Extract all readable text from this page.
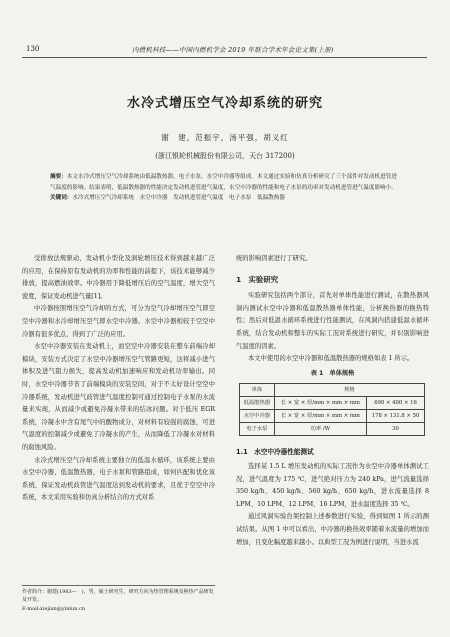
130	内燃机科技——中国内燃机学会 2019 年联合学术年会论文集(上册)
水冷式增压空气冷却系统的研究
谢　建，范振宇，汤平强，胡义红
(浙江银轮机械股份有限公司，天台 317200)
摘要：本文水冷式增压空气冷却系统由低温散热器，电子水泵，水空中冷器等组成。本文通过实验和仿真分析研究了三个部件对发动机进管进气温度的影响。结果表明，低温散热器的性能决定发动机进管进气温度，水空中冷器的性能和电子水泵的功率对发动机进管进气温度影响小。
关键词：水冷式增压空气冷却系统　水空中冷器　发动机进管进气温度　电子水泵　低温散热器

受排放法规驱动，发动机小型化及涡轮增压技术得到越来越广泛的应用，在保持原有发动机的功率和性能的前提下，该技术能够减少排放，提高燃油效率。中冷器用于降低增压后的空气温度，增大空气密度，保证发动机进气量[1]。

中冷器按照增压空气冷却的方式，可分为空气冷却增压空气即空空中冷器和水冷却增压空气即水空中冷器。水空中冷器相较于空空中冷器有很多优点，得到了广泛的应用。

水空中冷器安装在发动机上，而空空中冷器安装在整车前端冷却模块，安装方式决定了水空中冷器增压空气管路更短，这将减小进气体积及进气阻力损失，提高发动机加速响应和发动机功率输出。同时，水空中冷器节省了前端模块的安装空间，对于不太好设计空空中冷器系统，发动机进气歧管进气温度控制可通过控制电子水泵的水流量来实现，从而减少或避免冷凝水带来的结冰问题。对于低压 EGR 系统，冷凝水中含有尾气中的酸物成分，对材料有较强的腐蚀，可进气温度的控制减少或避免了冷凝水的产生，从而降低了冷凝水对材料的腐蚀风险。

水冷式增压空气冷却系统主要独立的低温水循环，该系统主要由水空中冷器，低温散热器，电子水泵和管路组成，如何匹配和优化该系统，保证发动机歧管进气温度达到发动机的要求，且优于空空中冷系统，本文采用实验和仿真分析结合的方式对系

作者简介：谢建(1983—　)，男，硕士研究生，研究方向为热管理系统及换热产品研发及开发。
E-mail:xiejian@yinlun.cn

统的影响因素进行了研究。

1　实验研究

实验研究包括两个部分，首先对单体性能进行测试，在散热器风洞内测试水空中冷器和低温散热器单体性能，分析换热器的换热特性；然后对低温水循环系统进行性能测试，在风洞内搭建低温水循环系统，结合发动机和整车的实际工况对系统进行研究，并识别影响进气温度的因素。

本文中使用的水空中冷器和低温散热器的规格如表 1 所示。

表 1　单体规格
单体	规格	
低温散热器	长 × 宽 × 厚/mm × mm × mm	690 × 400 × 16
水空中冷器	长 × 宽 × 厚/mm × mm × mm	178 × 131.8 × 50
电子水泵	功率 /W	30
1.1　水空中冷器性能测试

选择某 1.5 L 增压发动机的实际工况作为水空中冷器单体测试工况，进气温度为 175 ℃，进气绝对压力为 240 kPa，进气流量选择 350 kg/h、450 kg/h、560 kg/h、650 kg/h，进水流量选择 8 LPM、10 LPM、12 LPM、16 LPM，进水温度选择 35 ℃。

通过风洞实验台架控制上述参数进行实验，得到如图 1 所示的测试结果。从图 1 中可以看出，中冷器的换热效率随着水流量的增加而增加，且变化幅度越来越小。以典型工况为例进行说明，当进水流
